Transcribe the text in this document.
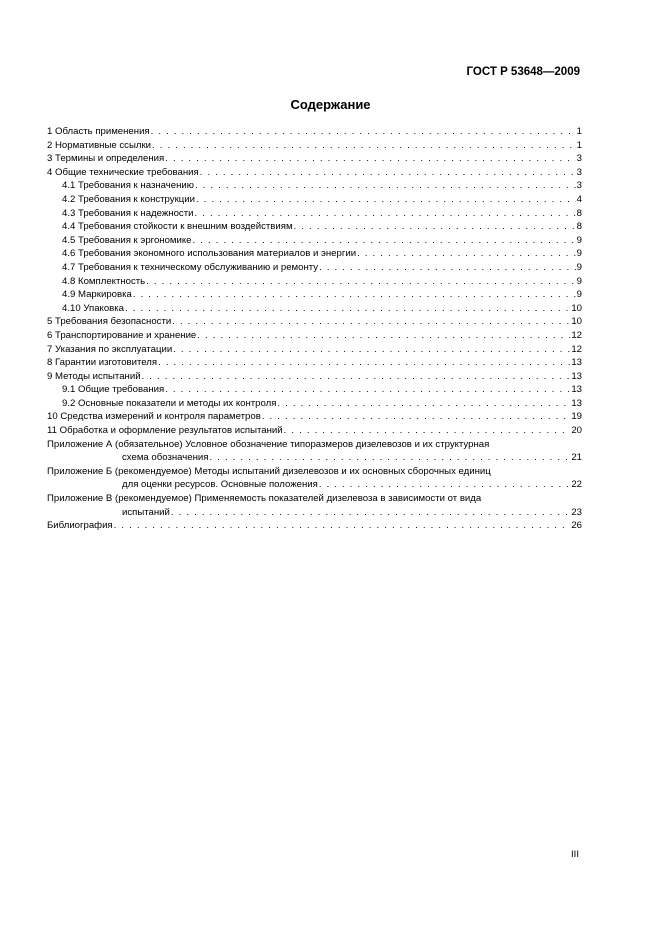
ГОСТ Р 53648—2009
Содержание
1 Область применения . . .	1
2 Нормативные ссылки . . .	1
3 Термины и определения . . .	3
4 Общие технические требования . . .	3
4.1 Требования к назначению . . .	3
4.2 Требования к конструкции . . .	4
4.3 Требования к надежности . . .	8
4.4 Требования стойкости к внешним воздействиям . . .	8
4.5 Требования к эргономике . . .	9
4.6 Требования экономного использования материалов и энергии . . .	9
4.7 Требования к техническому обслуживанию и ремонту . . .	9
4.8 Комплектность . . .	9
4.9 Маркировка . . .	9
4.10 Упаковка . . .	10
5 Требования безопасности . . .	10
6 Транспортирование и хранение . . .	12
7 Указания по эксплуатации . . .	12
8 Гарантии изготовителя . . .	13
9 Методы испытаний . . .	13
9.1 Общие требования . . .	13
9.2 Основные показатели и методы их контроля . . .	13
10 Средства измерений и контроля параметров . . .	19
11 Обработка и оформление результатов испытаний . . .	20
Приложение А (обязательное) Условное обозначение типоразмеров дизелевозов и их структурная
схема обозначения . . .	21
Приложение Б (рекомендуемое) Методы испытаний дизелевозов и их основных сборочных единиц
для оценки ресурсов. Основные положения . . .	22
Приложение В (рекомендуемое) Применяемость показателей дизелевоза в зависимости от вида
испытаний . . .	23
Библиография . . .	26
III
